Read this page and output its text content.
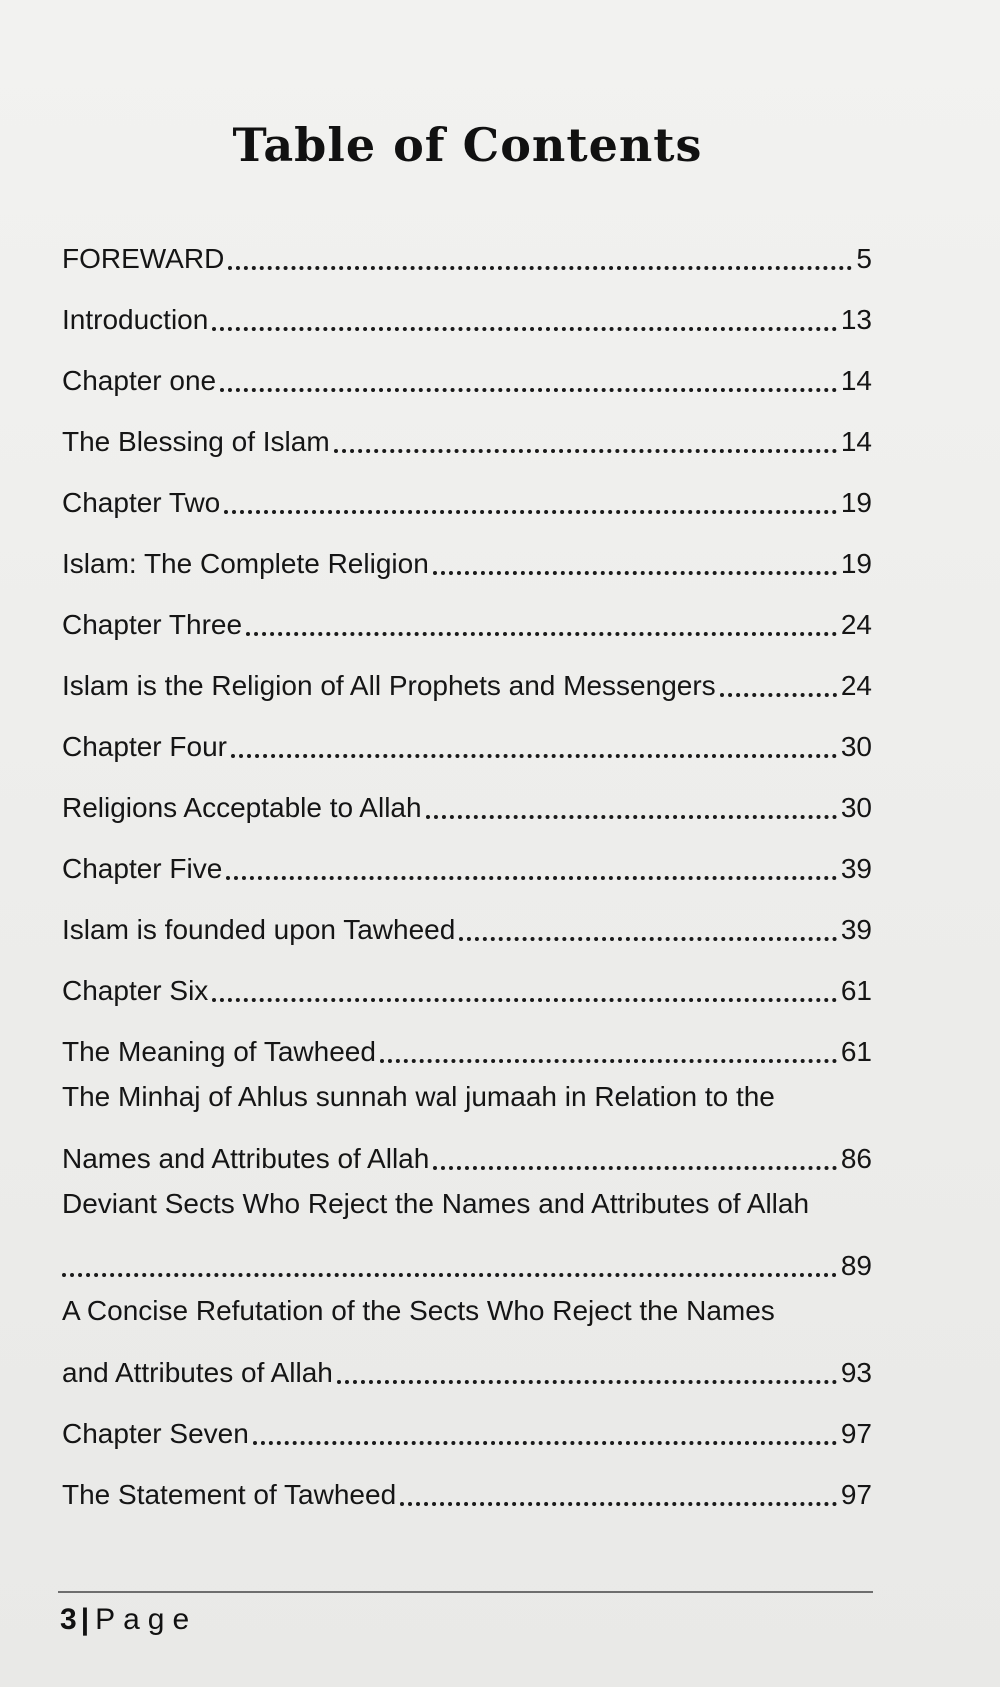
Table of Contents
FOREWARD	5
Introduction	13
Chapter one	14
The Blessing of Islam	14
Chapter Two	19
Islam: The Complete Religion	19
Chapter Three	24
Islam is the Religion of All Prophets and Messengers	24
Chapter Four	30
Religions Acceptable to Allah	30
Chapter Five	39
Islam is founded upon Tawheed	39
Chapter Six	61
The Meaning of Tawheed	61
The Minhaj of Ahlus sunnah wal jumaah in Relation to the
Names and Attributes of Allah	86
Deviant Sects Who Reject the Names and Attributes of Allah
89
A Concise Refutation of the Sects Who Reject the Names
and Attributes of Allah	93
Chapter Seven	97
The Statement of Tawheed	97
3 | Page
